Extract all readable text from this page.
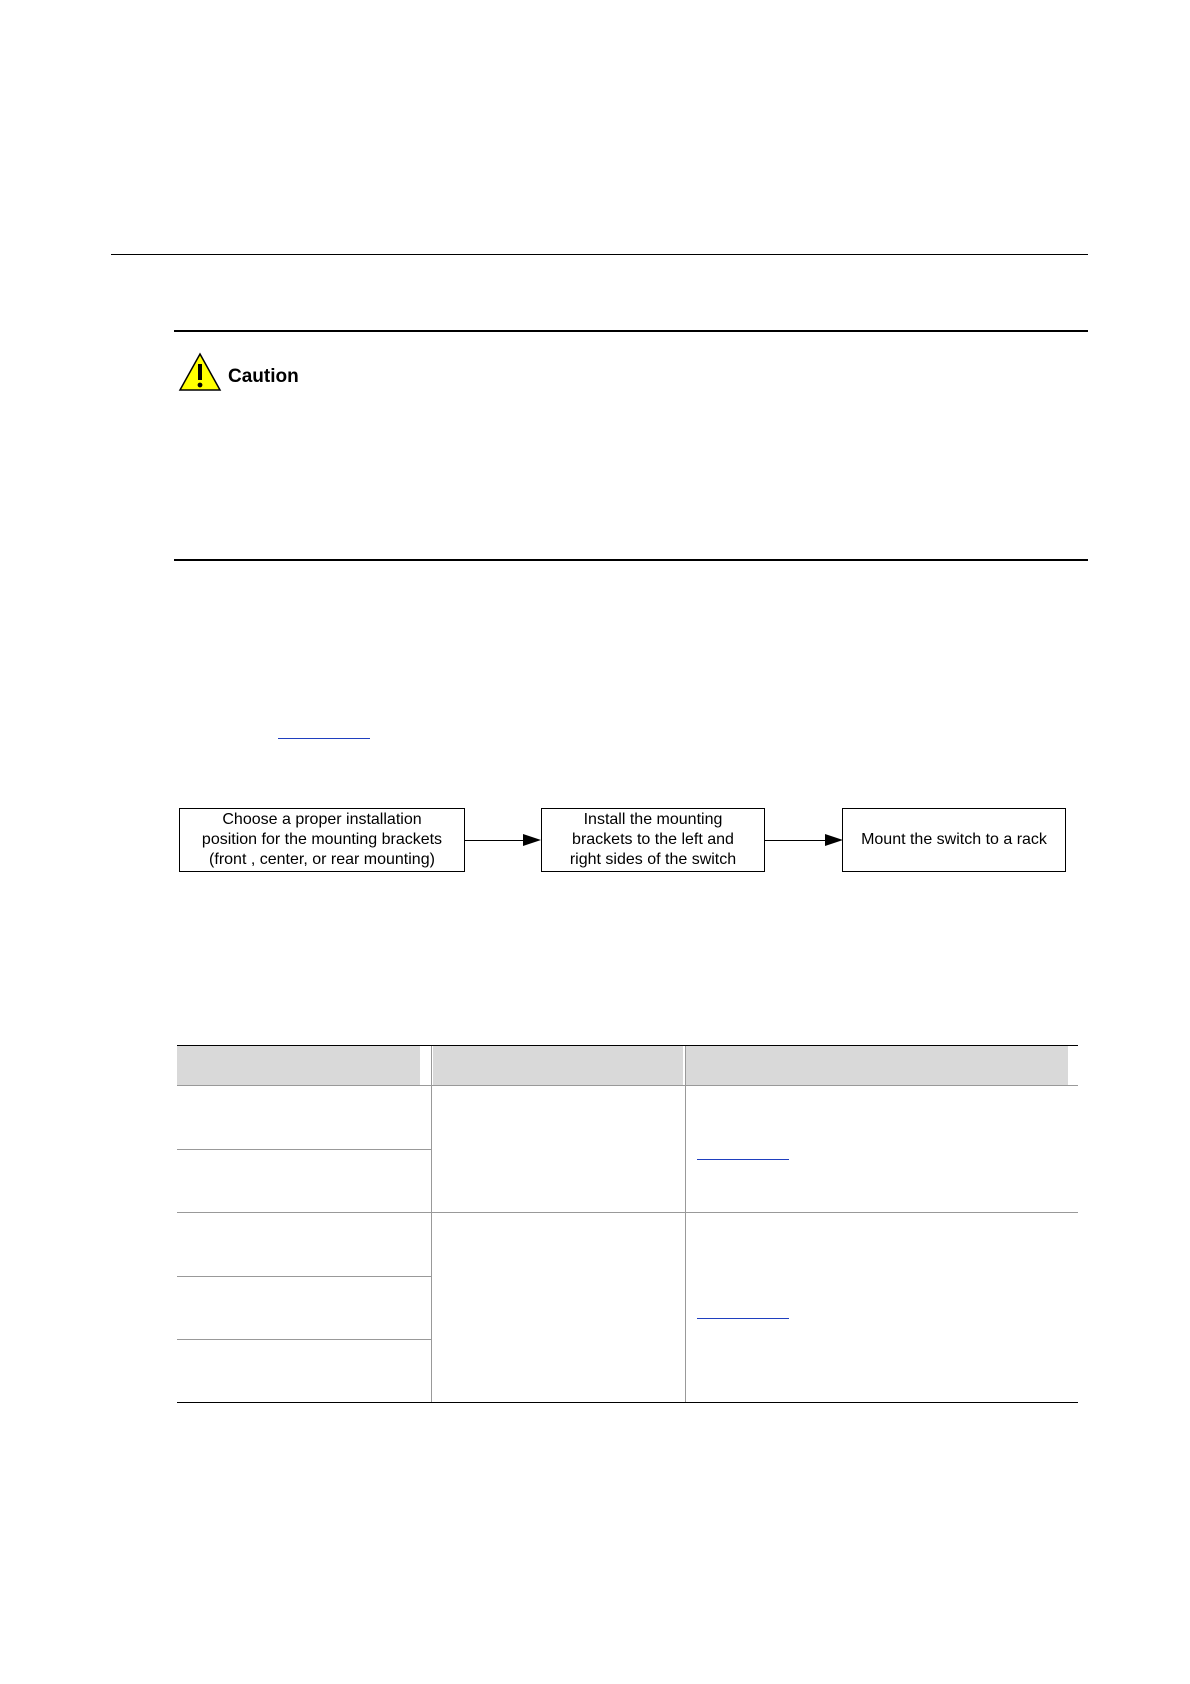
Caution
Choose a proper installation
position for the mounting brackets
(front , center, or rear mounting)
Install the mounting
brackets to the left and
right sides of the switch
Mount the switch to a rack
